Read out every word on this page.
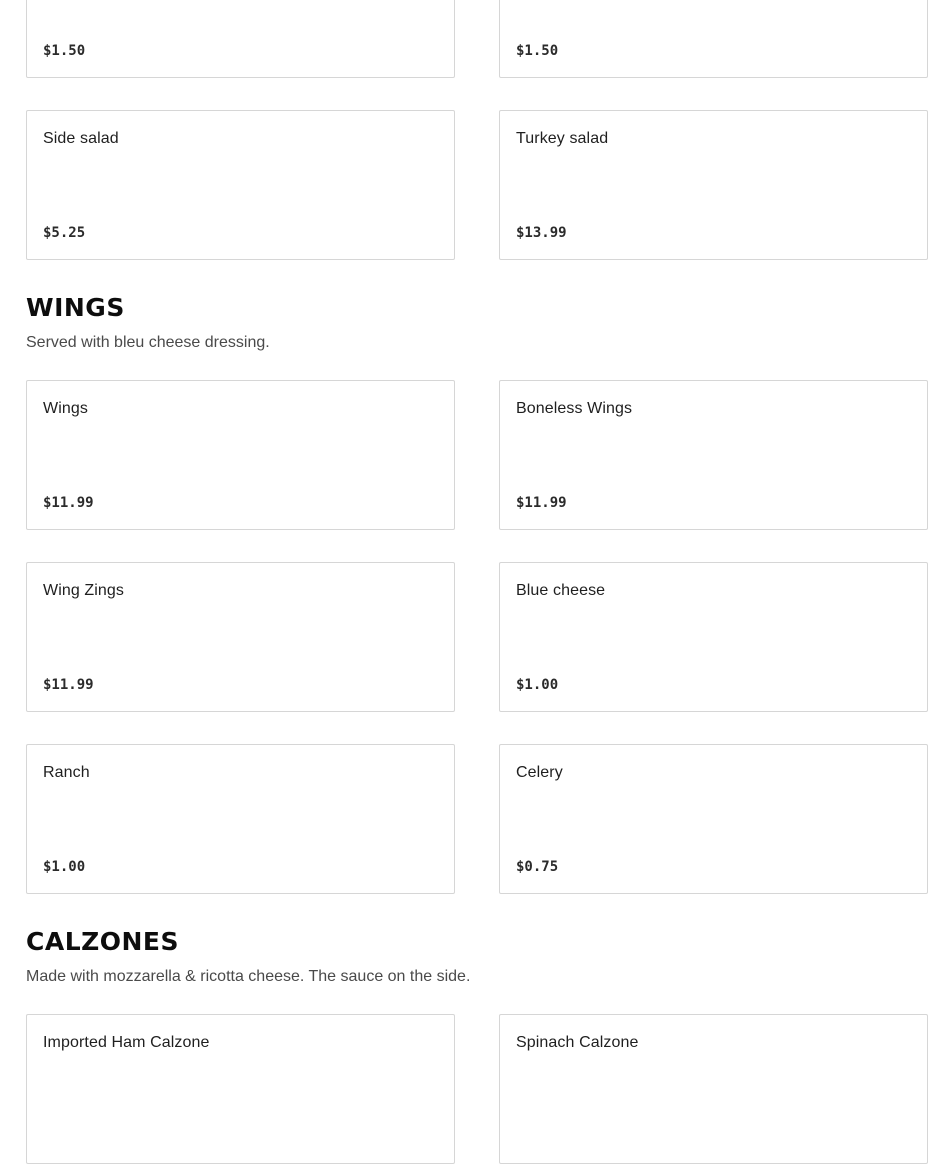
$1.50	$1.50
Side salad
$5.25
Turkey salad
$13.99
WINGS

Served with bleu cheese dressing.

Wings
$11.99
Boneless Wings
$11.99
Wing Zings
$11.99
Blue cheese
$1.00
Ranch
$1.00
Celery
$0.75
CALZONES

Made with mozzarella & ricotta cheese. The sauce on the side.

Imported Ham Calzone	Spinach Calzone
